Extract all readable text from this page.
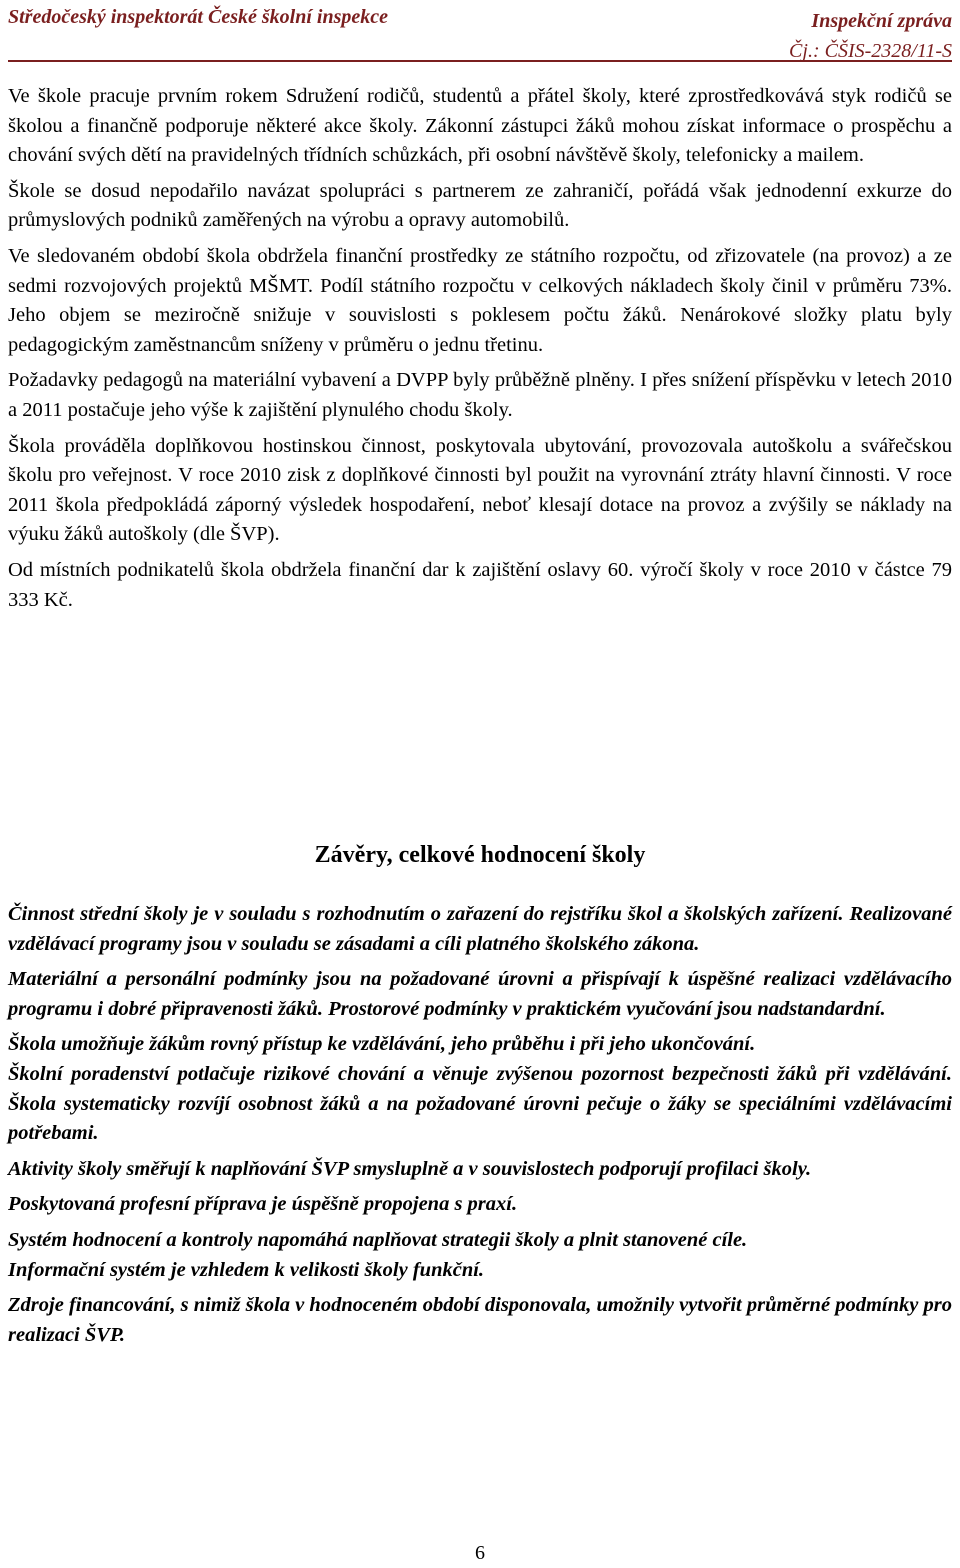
Středočeský inspektorát České školní inspekce	Inspekční zpráva
Čj.: ČŠIS-2328/11-S

Ve škole pracuje prvním rokem Sdružení rodičů, studentů a přátel školy, které zprostředkovává styk rodičů se školou a finančně podporuje některé akce školy. Zákonní zástupci žáků mohou získat informace o prospěchu a chování svých dětí na pravidelných třídních schůzkách, při osobní návštěvě školy, telefonicky a mailem.

Škole se dosud nepodařilo navázat spolupráci s partnerem ze zahraničí, pořádá však jednodenní exkurze do průmyslových podniků zaměřených na výrobu a opravy automobilů.

Ve sledovaném období škola obdržela finanční prostředky ze státního rozpočtu, od zřizovatele (na provoz) a ze sedmi rozvojových projektů MŠMT. Podíl státního rozpočtu v celkových nákladech školy činil v průměru 73%. Jeho objem se meziročně snižuje v souvislosti s poklesem počtu žáků. Nenárokové složky platu byly pedagogickým zaměstnancům sníženy v průměru o jednu třetinu.

Požadavky pedagogů na materiální vybavení a DVPP byly průběžně plněny. I přes snížení příspěvku v letech 2010 a 2011 postačuje jeho výše k zajištění plynulého chodu školy.

Škola prováděla doplňkovou hostinskou činnost, poskytovala ubytování, provozovala autoškolu a svářečskou školu pro veřejnost. V roce 2010 zisk z doplňkové činnosti byl použit na vyrovnání ztráty hlavní činnosti. V roce 2011 škola předpokládá záporný výsledek hospodaření, neboť klesají dotace na provoz a zvýšily se náklady na výuku žáků autoškoly (dle ŠVP).

Od místních podnikatelů škola obdržela finanční dar k zajištění oslavy 60. výročí školy v roce 2010 v částce 79 333 Kč.

Závěry, celkové hodnocení školy

Činnost střední školy je v souladu s rozhodnutím o zařazení do rejstříku škol a školských zařízení. Realizované vzdělávací programy jsou v souladu se zásadami a cíli platného školského zákona.

Materiální a personální podmínky jsou na požadované úrovni a přispívají k úspěšné realizaci vzdělávacího programu i dobré připravenosti žáků. Prostorové podmínky v praktickém vyučování jsou nadstandardní.

Škola umožňuje žákům rovný přístup ke vzdělávání, jeho průběhu i při jeho ukončování.

Školní poradenství potlačuje rizikové chování a věnuje zvýšenou pozornost bezpečnosti žáků při vzdělávání. Škola systematicky rozvíjí osobnost žáků a na požadované úrovni pečuje o žáky se speciálními vzdělávacími potřebami.

Aktivity školy směřují k naplňování ŠVP smysluplně a v souvislostech podporují profilaci školy.

Poskytovaná profesní příprava je úspěšně propojena s praxí.

Systém hodnocení a kontroly napomáhá naplňovat strategii školy a plnit stanovené cíle.

Informační systém je vzhledem k velikosti školy funkční.

Zdroje financování, s nimiž škola v hodnoceném období disponovala, umožnily vytvořit průměrné podmínky pro realizaci ŠVP.

6
